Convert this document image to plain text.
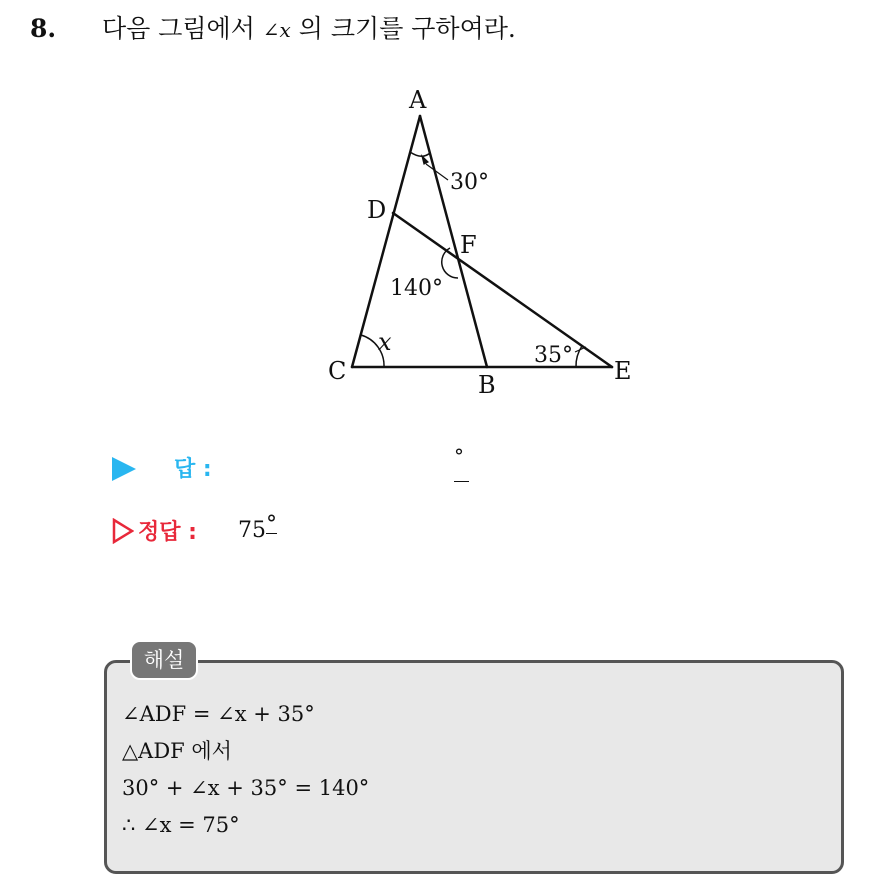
8. 다음 그림에서 ∠x 의 크기를 구하여라.
A
D
F
C	B	E
30°
140°
x	35°
답 :
°
정답 : 75°
해설
∠ADF = ∠x + 35°
△ADF 에서
30° + ∠x + 35° = 140°
∴ ∠x = 75°
